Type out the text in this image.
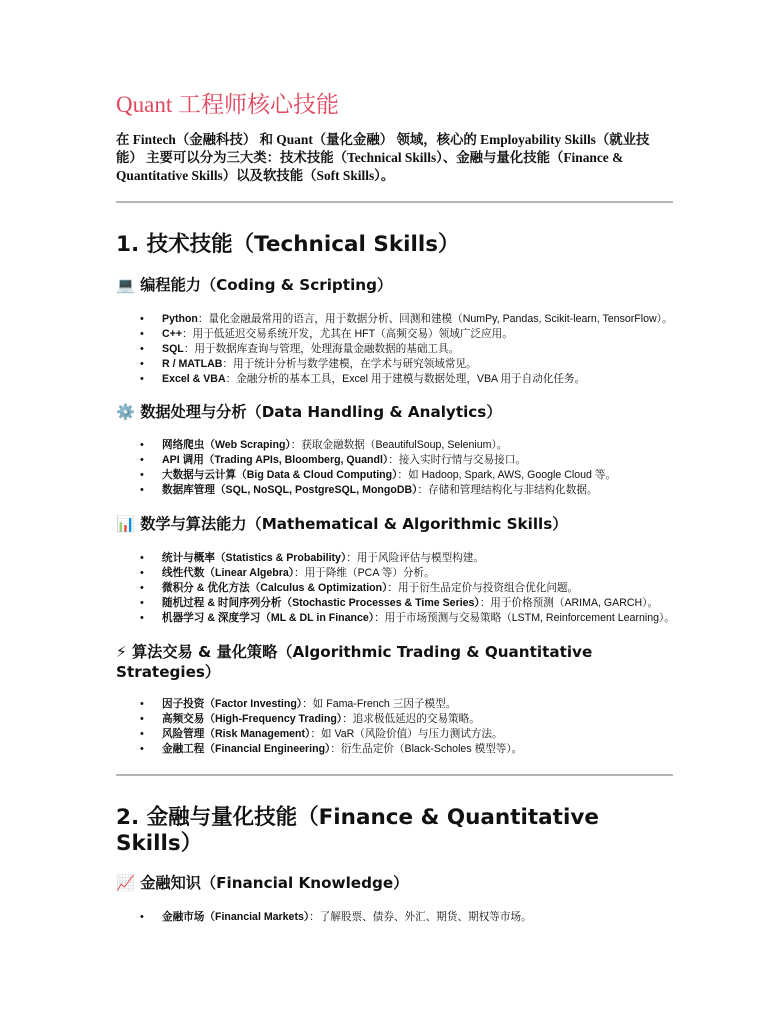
Quant 工程师核心技能
在 Fintech（金融科技） 和 Quant（量化金融） 领域，核心的 Employability Skills（就业技能） 主要可以分为三大类：技术技能（Technical Skills）、金融与量化技能（Finance & Quantitative Skills）以及软技能（Soft Skills）。
1. 技术技能（Technical Skills）
💻 编程能力（Coding & Scripting）
• Python：量化金融最常用的语言，用于数据分析、回测和建模（NumPy, Pandas, Scikit-learn, TensorFlow）。
• C++：用于低延迟交易系统开发，尤其在 HFT（高频交易）领域广泛应用。
• SQL：用于数据库查询与管理，处理海量金融数据的基础工具。
• R / MATLAB：用于统计分析与数学建模，在学术与研究领域常见。
• Excel & VBA：金融分析的基本工具，Excel 用于建模与数据处理，VBA 用于自动化任务。
⚙️ 数据处理与分析（Data Handling & Analytics）
• 网络爬虫（Web Scraping）：获取金融数据（BeautifulSoup, Selenium）。
• API 调用（Trading APIs, Bloomberg, Quandl）：接入实时行情与交易接口。
• 大数据与云计算（Big Data & Cloud Computing）：如 Hadoop, Spark, AWS, Google Cloud 等。
• 数据库管理（SQL, NoSQL, PostgreSQL, MongoDB）：存储和管理结构化与非结构化数据。
📊 数学与算法能力（Mathematical & Algorithmic Skills）
• 统计与概率（Statistics & Probability）：用于风险评估与模型构建。
• 线性代数（Linear Algebra）：用于降维（PCA 等）分析。
• 微积分 & 优化方法（Calculus & Optimization）：用于衍生品定价与投资组合优化问题。
• 随机过程 & 时间序列分析（Stochastic Processes & Time Series）：用于价格预测（ARIMA, GARCH）。
• 机器学习 & 深度学习（ML & DL in Finance）：用于市场预测与交易策略（LSTM, Reinforcement Learning）。
⚡ 算法交易 & 量化策略（Algorithmic Trading & Quantitative Strategies）
• 因子投资（Factor Investing）：如 Fama-French 三因子模型。
• 高频交易（High-Frequency Trading）：追求极低延迟的交易策略。
• 风险管理（Risk Management）：如 VaR（风险价值）与压力测试方法。
• 金融工程（Financial Engineering）：衍生品定价（Black-Scholes 模型等）。
2. 金融与量化技能（Finance & Quantitative Skills）
📈 金融知识（Financial Knowledge）
• 金融市场（Financial Markets）：了解股票、债券、外汇、期货、期权等市场。
